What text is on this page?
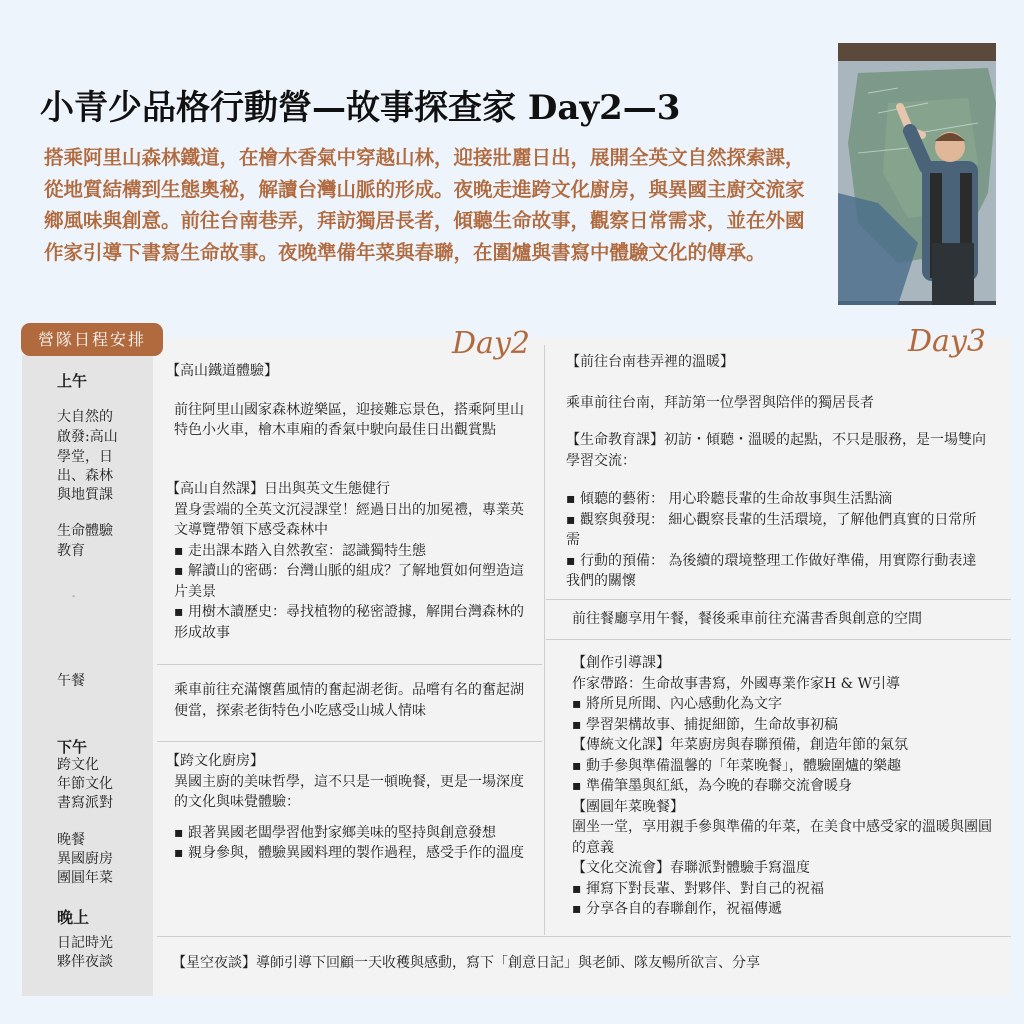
小青少品格行動營—故事探查家 Day2—3
搭乘阿里山森林鐵道，在檜木香氣中穿越山林，迎接壯麗日出，展開全英文自然探索課，從地質結構到生態奧秘，解讀台灣山脈的形成。夜晚走進跨文化廚房，與異國主廚交流家鄉風味與創意。前往台南巷弄，拜訪獨居長者，傾聽生命故事，觀察日常需求，並在外國作家引導下書寫生命故事。夜晚準備年菜與春聯，在圍爐與書寫中體驗文化的傳承。
營隊日程安排	Day2	Day3
上午
大自然的
啟發:高山
學堂，日
出、森林
與地質課
生命體驗
教育
-
午餐
下午
跨文化
年節文化
書寫派對
晚餐
異國廚房
團圓年菜
晚上
日記時光
夥伴夜談

【高山鐵道體驗】

前往阿里山國家森林遊樂區，迎接難忘景色，搭乘阿里山特色小火車，檜木車廂的香氣中駛向最佳日出觀賞點

【高山自然課】日出與英文生態健行

置身雲端的全英文沉浸課堂！經過日出的加冕禮，專業英文導覽帶領下感受森林中

▪ 走出課本踏入自然教室：認識獨特生態

▪ 解讀山的密碼：台灣山脈的組成？了解地質如何塑造這片美景

▪ 用樹木讀歷史：尋找植物的秘密證據，解開台灣森林的形成故事

乘車前往充滿懷舊風情的奮起湖老街。品嚐有名的奮起湖便當，探索老街特色小吃感受山城人情味

【跨文化廚房】

異國主廚的美味哲學，這不只是一頓晚餐，更是一場深度的文化與味覺體驗：

▪ 跟著異國老闆學習他對家鄉美味的堅持與創意發想

▪ 親身參與，體驗異國料理的製作過程，感受手作的溫度

【前往台南巷弄裡的溫暖】

乘車前往台南，拜訪第一位學習與陪伴的獨居長者

【生命教育課】初訪・傾聽・溫暖的起點，不只是服務，是一場雙向學習交流：

▪ 傾聽的藝術： 用心聆聽長輩的生命故事與生活點滴

▪ 觀察與發現： 細心觀察長輩的生活環境，了解他們真實的日常所需

▪ 行動的預備： 為後續的環境整理工作做好準備，用實際行動表達我們的關懷

前往餐廳享用午餐，餐後乘車前往充滿書香與創意的空間

【創作引導課】

作家帶路：生命故事書寫，外國專業作家H & W引導

▪ 將所見所聞、內心感動化為文字

▪ 學習架構故事、捕捉細節，生命故事初稿

【傳統文化課】年菜廚房與春聯預備，創造年節的氣氛

▪ 動手參與準備溫馨的「年菜晚餐」，體驗圍爐的樂趣

▪ 準備筆墨與紅紙，為今晚的春聯交流會暖身

【團圓年菜晚餐】

圍坐一堂，享用親手參與準備的年菜，在美食中感受家的溫暖與團圓的意義

【文化交流會】春聯派對體驗手寫溫度

▪ 揮寫下對長輩、對夥伴、對自己的祝福

▪ 分享各自的春聯創作，祝福傳遞

【星空夜談】導師引導下回顧一天收穫與感動，寫下「創意日記」與老師、隊友暢所欲言、分享
